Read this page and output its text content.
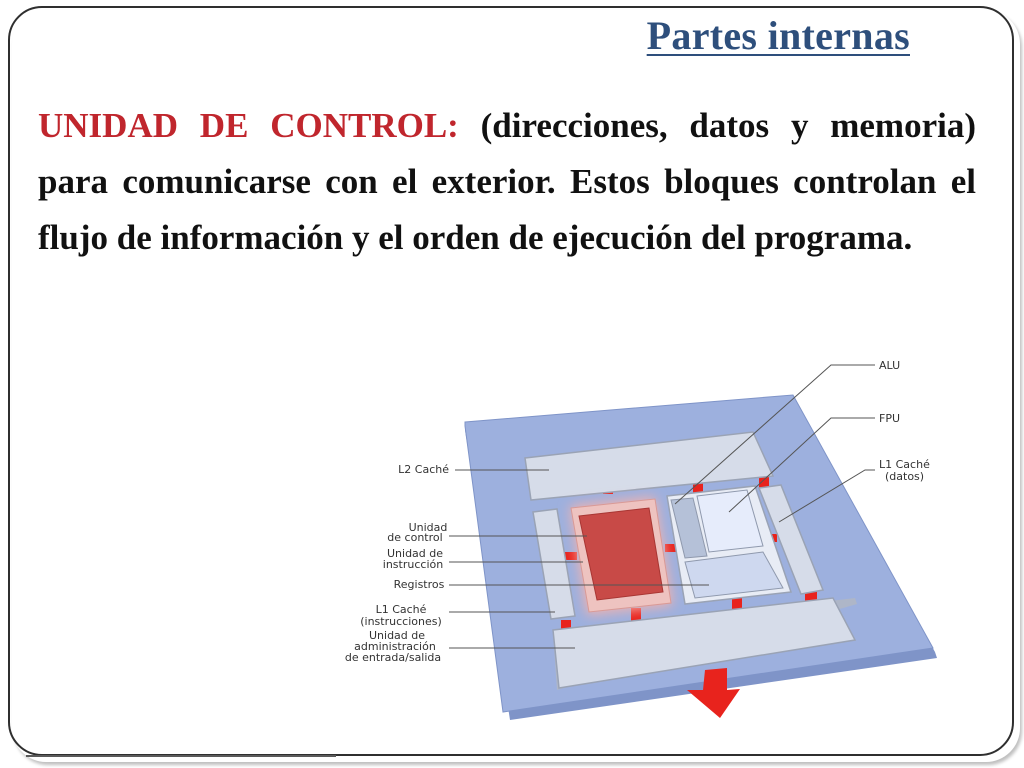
Partes internas
UNIDAD DE CONTROL: (direcciones, datos y memoria) para comunicarse con el exterior. Estos bloques controlan el flujo de información y el orden de ejecución del programa.
ALU
FPU
L1 Caché
(datos)
L2 Caché
Unidad
de control
Unidad de
instrucción
Registros
L1 Caché
(instrucciones)
Unidad de
administración
de entrada/salida
